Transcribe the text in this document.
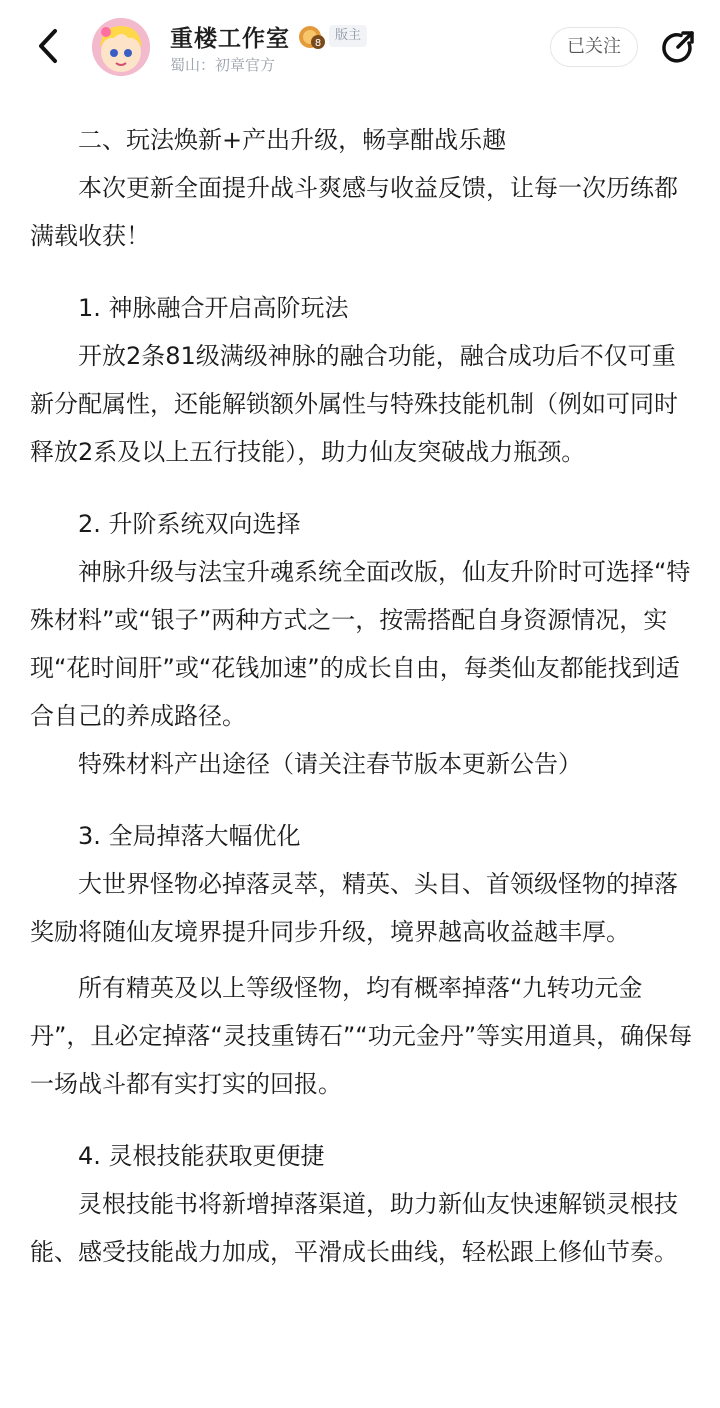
重楼工作室 8
版主
蜀山：初章官方
已关注
二、玩法焕新+产出升级，畅享酣战乐趣
本次更新全面提升战斗爽感与收益反馈，让每一次历练都满载收获！
1. 神脉融合开启高阶玩法
开放2条81级满级神脉的融合功能，融合成功后不仅可重新分配属性，还能解锁额外属性与特殊技能机制（例如可同时释放2系及以上五行技能），助力仙友突破战力瓶颈。
2. 升阶系统双向选择
神脉升级与法宝升魂系统全面改版，仙友升阶时可选择“特殊材料”或“银子”两种方式之一，按需搭配自身资源情况，实现“花时间肝”或“花钱加速”的成长自由，每类仙友都能找到适合自己的养成路径。
特殊材料产出途径（请关注春节版本更新公告）
3. 全局掉落大幅优化
大世界怪物必掉落灵萃，精英、头目、首领级怪物的掉落奖励将随仙友境界提升同步升级，境界越高收益越丰厚。
所有精英及以上等级怪物，均有概率掉落“九转功元金丹”，且必定掉落“灵技重铸石”“功元金丹”等实用道具，确保每一场战斗都有实打实的回报。
4. 灵根技能获取更便捷
灵根技能书将新增掉落渠道，助力新仙友快速解锁灵根技能、感受技能战力加成，平滑成长曲线，轻松跟上修仙节奏。
